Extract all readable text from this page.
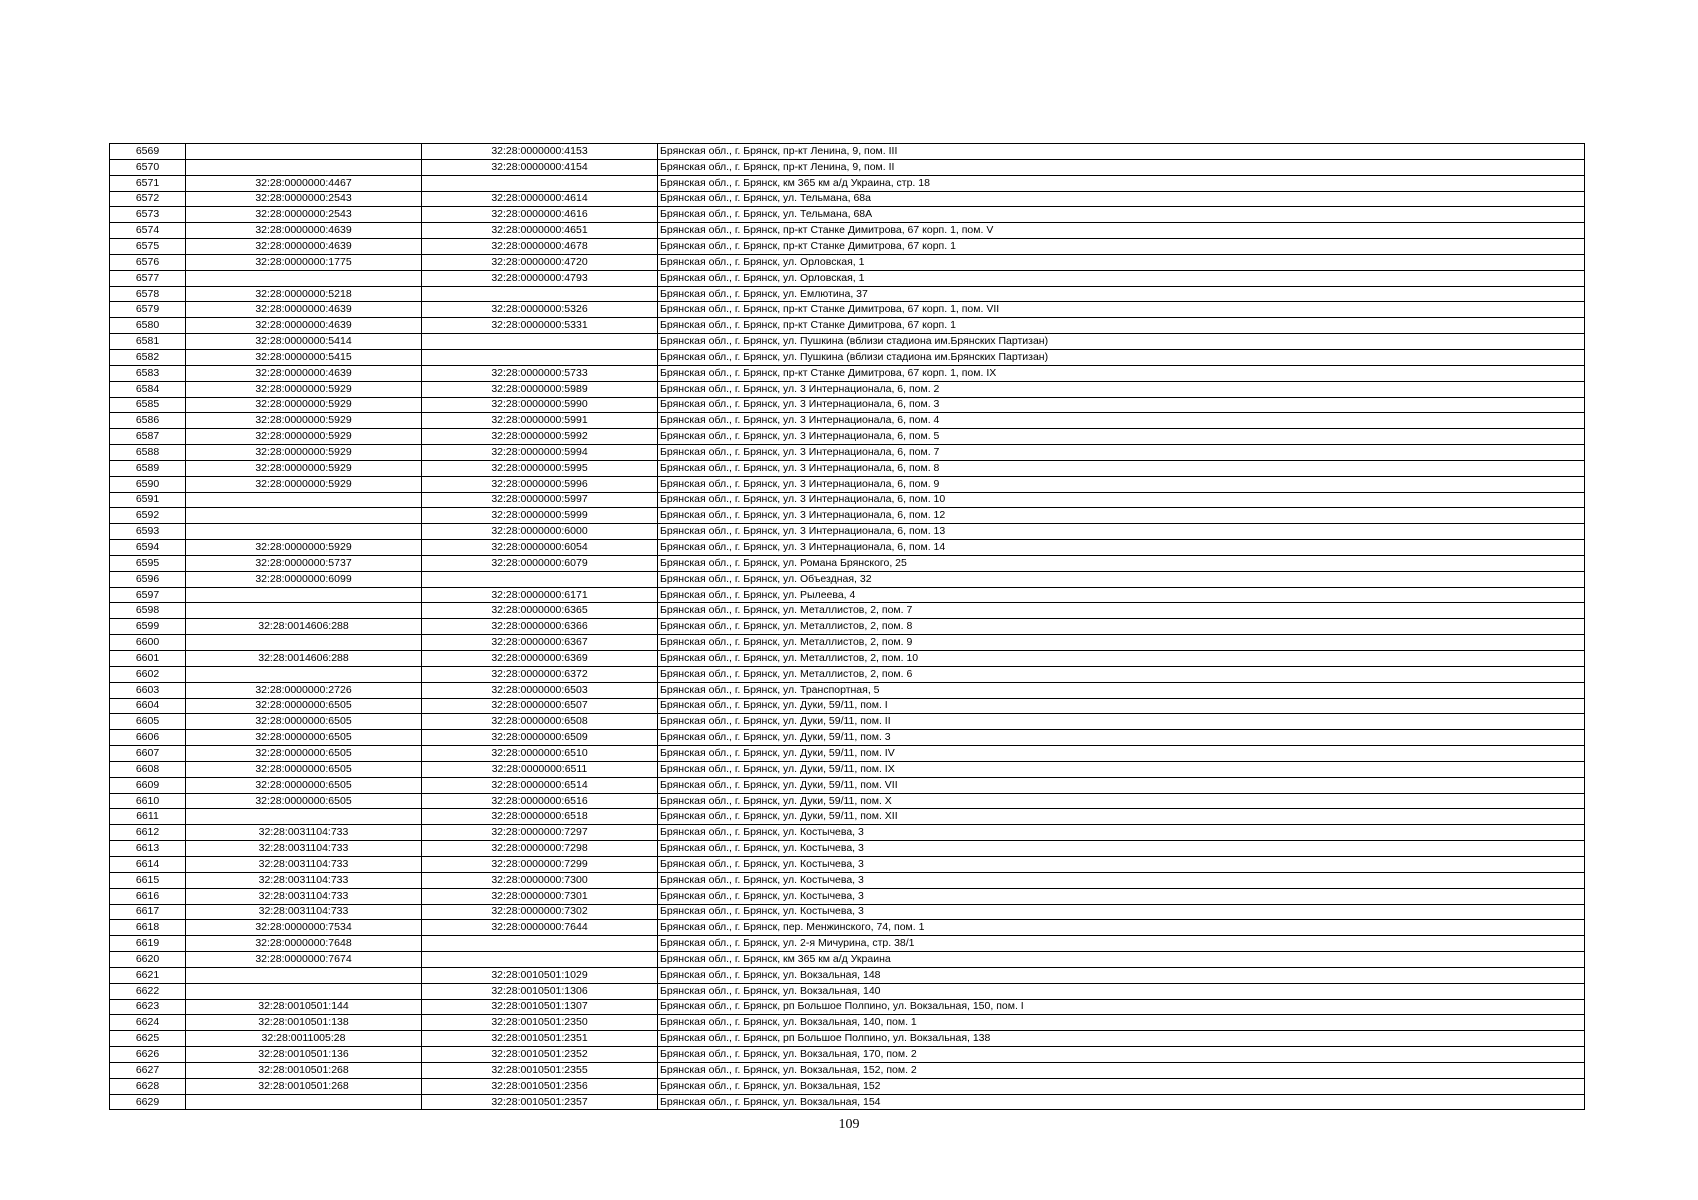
6569		32:28:0000000:4153	Брянская обл., г. Брянск, пр-кт Ленина, 9, пом. III
6570		32:28:0000000:4154	Брянская обл., г. Брянск, пр-кт Ленина, 9, пом. II
6571	32:28:0000000:4467		Брянская обл., г. Брянск, км 365 км а/д Украина, стр. 18
6572	32:28:0000000:2543	32:28:0000000:4614	Брянская обл., г. Брянск, ул. Тельмана, 68а
6573	32:28:0000000:2543	32:28:0000000:4616	Брянская обл., г. Брянск, ул. Тельмана, 68А
6574	32:28:0000000:4639	32:28:0000000:4651	Брянская обл., г. Брянск, пр-кт Станке Димитрова, 67 корп. 1, пом. V
6575	32:28:0000000:4639	32:28:0000000:4678	Брянская обл., г. Брянск, пр-кт Станке Димитрова, 67 корп. 1
6576	32:28:0000000:1775	32:28:0000000:4720	Брянская обл., г. Брянск, ул. Орловская, 1
6577		32:28:0000000:4793	Брянская обл., г. Брянск, ул. Орловская, 1
6578	32:28:0000000:5218		Брянская обл., г. Брянск, ул. Емлютина, 37
6579	32:28:0000000:4639	32:28:0000000:5326	Брянская обл., г. Брянск, пр-кт Станке Димитрова, 67 корп. 1, пом. VII
6580	32:28:0000000:4639	32:28:0000000:5331	Брянская обл., г. Брянск, пр-кт Станке Димитрова, 67 корп. 1
6581	32:28:0000000:5414		Брянская обл., г. Брянск, ул. Пушкина (вблизи стадиона им.Брянских Партизан)
6582	32:28:0000000:5415		Брянская обл., г. Брянск, ул. Пушкина (вблизи стадиона им.Брянских Партизан)
6583	32:28:0000000:4639	32:28:0000000:5733	Брянская обл., г. Брянск, пр-кт Станке Димитрова, 67 корп. 1, пом. IX
6584	32:28:0000000:5929	32:28:0000000:5989	Брянская обл., г. Брянск, ул. 3 Интернационала, 6, пом. 2
6585	32:28:0000000:5929	32:28:0000000:5990	Брянская обл., г. Брянск, ул. 3 Интернационала, 6, пом. 3
6586	32:28:0000000:5929	32:28:0000000:5991	Брянская обл., г. Брянск, ул. 3 Интернационала, 6, пом. 4
6587	32:28:0000000:5929	32:28:0000000:5992	Брянская обл., г. Брянск, ул. 3 Интернационала, 6, пом. 5
6588	32:28:0000000:5929	32:28:0000000:5994	Брянская обл., г. Брянск, ул. 3 Интернационала, 6, пом. 7
6589	32:28:0000000:5929	32:28:0000000:5995	Брянская обл., г. Брянск, ул. 3 Интернационала, 6, пом. 8
6590	32:28:0000000:5929	32:28:0000000:5996	Брянская обл., г. Брянск, ул. 3 Интернационала, 6, пом. 9
6591		32:28:0000000:5997	Брянская обл., г. Брянск, ул. 3 Интернационала, 6, пом. 10
6592		32:28:0000000:5999	Брянская обл., г. Брянск, ул. 3 Интернационала, 6, пом. 12
6593		32:28:0000000:6000	Брянская обл., г. Брянск, ул. 3 Интернационала, 6, пом. 13
6594	32:28:0000000:5929	32:28:0000000:6054	Брянская обл., г. Брянск, ул. 3 Интернационала, 6, пом. 14
6595	32:28:0000000:5737	32:28:0000000:6079	Брянская обл., г. Брянск, ул. Романа Брянского, 25
6596	32:28:0000000:6099		Брянская обл., г. Брянск, ул. Объездная, 32
6597		32:28:0000000:6171	Брянская обл., г. Брянск, ул. Рылеева, 4
6598		32:28:0000000:6365	Брянская обл., г. Брянск, ул. Металлистов, 2, пом. 7
6599	32:28:0014606:288	32:28:0000000:6366	Брянская обл., г. Брянск, ул. Металлистов, 2, пом. 8
6600		32:28:0000000:6367	Брянская обл., г. Брянск, ул. Металлистов, 2, пом. 9
6601	32:28:0014606:288	32:28:0000000:6369	Брянская обл., г. Брянск, ул. Металлистов, 2, пом. 10
6602		32:28:0000000:6372	Брянская обл., г. Брянск, ул. Металлистов, 2, пом. 6
6603	32:28:0000000:2726	32:28:0000000:6503	Брянская обл., г. Брянск, ул. Транспортная, 5
6604	32:28:0000000:6505	32:28:0000000:6507	Брянская обл., г. Брянск, ул. Дуки, 59/11, пом. I
6605	32:28:0000000:6505	32:28:0000000:6508	Брянская обл., г. Брянск, ул. Дуки, 59/11, пом. II
6606	32:28:0000000:6505	32:28:0000000:6509	Брянская обл., г. Брянск, ул. Дуки, 59/11, пом. 3
6607	32:28:0000000:6505	32:28:0000000:6510	Брянская обл., г. Брянск, ул. Дуки, 59/11, пом. IV
6608	32:28:0000000:6505	32:28:0000000:6511	Брянская обл., г. Брянск, ул. Дуки, 59/11, пом. IX
6609	32:28:0000000:6505	32:28:0000000:6514	Брянская обл., г. Брянск, ул. Дуки, 59/11, пом. VII
6610	32:28:0000000:6505	32:28:0000000:6516	Брянская обл., г. Брянск, ул. Дуки, 59/11, пом. X
6611		32:28:0000000:6518	Брянская обл., г. Брянск, ул. Дуки, 59/11, пом. XII
6612	32:28:0031104:733	32:28:0000000:7297	Брянская обл., г. Брянск, ул. Костычева, 3
6613	32:28:0031104:733	32:28:0000000:7298	Брянская обл., г. Брянск, ул. Костычева, 3
6614	32:28:0031104:733	32:28:0000000:7299	Брянская обл., г. Брянск, ул. Костычева, 3
6615	32:28:0031104:733	32:28:0000000:7300	Брянская обл., г. Брянск, ул. Костычева, 3
6616	32:28:0031104:733	32:28:0000000:7301	Брянская обл., г. Брянск, ул. Костычева, 3
6617	32:28:0031104:733	32:28:0000000:7302	Брянская обл., г. Брянск, ул. Костычева, 3
6618	32:28:0000000:7534	32:28:0000000:7644	Брянская обл., г. Брянск, пер. Менжинского, 74, пом. 1
6619	32:28:0000000:7648		Брянская обл., г. Брянск, ул. 2-я Мичурина, стр. 38/1
6620	32:28:0000000:7674		Брянская обл., г. Брянск, км 365 км а/д Украина
6621		32:28:0010501:1029	Брянская обл., г. Брянск, ул. Вокзальная, 148
6622		32:28:0010501:1306	Брянская обл., г. Брянск, ул. Вокзальная, 140
6623	32:28:0010501:144	32:28:0010501:1307	Брянская обл., г. Брянск, рп Большое Полпино, ул. Вокзальная, 150, пом. I
6624	32:28:0010501:138	32:28:0010501:2350	Брянская обл., г. Брянск, ул. Вокзальная, 140, пом. 1
6625	32:28:0011005:28	32:28:0010501:2351	Брянская обл., г. Брянск, рп Большое Полпино, ул. Вокзальная, 138
6626	32:28:0010501:136	32:28:0010501:2352	Брянская обл., г. Брянск, ул. Вокзальная, 170, пом. 2
6627	32:28:0010501:268	32:28:0010501:2355	Брянская обл., г. Брянск, ул. Вокзальная, 152, пом. 2
6628	32:28:0010501:268	32:28:0010501:2356	Брянская обл., г. Брянск, ул. Вокзальная, 152
6629		32:28:0010501:2357	Брянская обл., г. Брянск, ул. Вокзальная, 154
109
